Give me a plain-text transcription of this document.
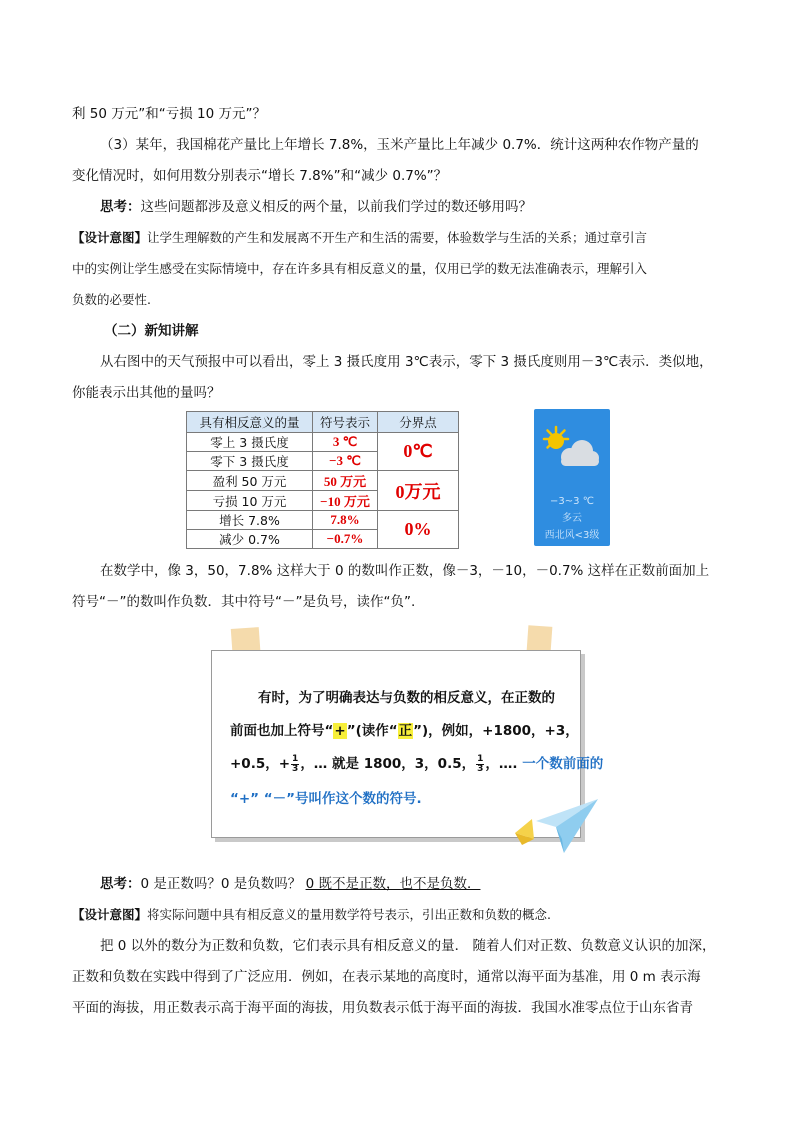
利 50 万元”和“亏损 10 万元”？
（3）某年，我国棉花产量比上年增长 7.8%，玉米产量比上年减少 0.7%．统计这两种农作物产量的
变化情况时，如何用数分别表示“增长 7.8%”和“减少 0.7%”？
思考：这些问题都涉及意义相反的两个量，以前我们学过的数还够用吗？
【设计意图】让学生理解数的产生和发展离不开生产和生活的需要，体验数学与生活的关系；通过章引言
中的实例让学生感受在实际情境中，存在许多具有相反意义的量，仅用已学的数无法准确表示，理解引入
负数的必要性.
（二）新知讲解
从右图中的天气预报中可以看出，零上 3 摄氏度用 3℃表示，零下 3 摄氏度则用－3℃表示．类似地，
你能表示出其他的量吗？
具有相反意义的量	符号表示	分界点
零上 3 摄氏度	3 ℃	0℃
零下 3 摄氏度	−3 ℃	
盈利 50 万元	50 万元	0万元
亏损 10 万元	−10 万元	
增长 7.8%	7.8%	0%
减少 0.7%	−0.7%	
−3~3 ℃
多云
西北风<3级
在数学中，像 3，50，7.8% 这样大于 0 的数叫作正数，像－3，－10，－0.7% 这样在正数前面加上
符号“－”的数叫作负数．其中符号“－”是负号，读作“负”.
有时，为了明确表达与负数的相反意义，在正数的
前面也加上符号“+”(读作“正”)，例如，+1800，+3，
+0.5，+ $\frac{1}{3}$ ，… 就是 1800，3，0.5， $\frac{1}{3}$ ，…. 一个数前面的
“+” “－”号叫作这个数的符号.
思考：0 是正数吗？0 是负数吗？ 0 既不是正数，也不是负数．
【设计意图】将实际问题中具有相反意义的量用数学符号表示，引出正数和负数的概念.
把 0 以外的数分为正数和负数，它们表示具有相反意义的量． 随着人们对正数、负数意义认识的加深，
正数和负数在实践中得到了广泛应用．例如，在表示某地的高度时，通常以海平面为基准，用 0 m 表示海
平面的海拔，用正数表示高于海平面的海拔，用负数表示低于海平面的海拔．我国水准零点位于山东省青
